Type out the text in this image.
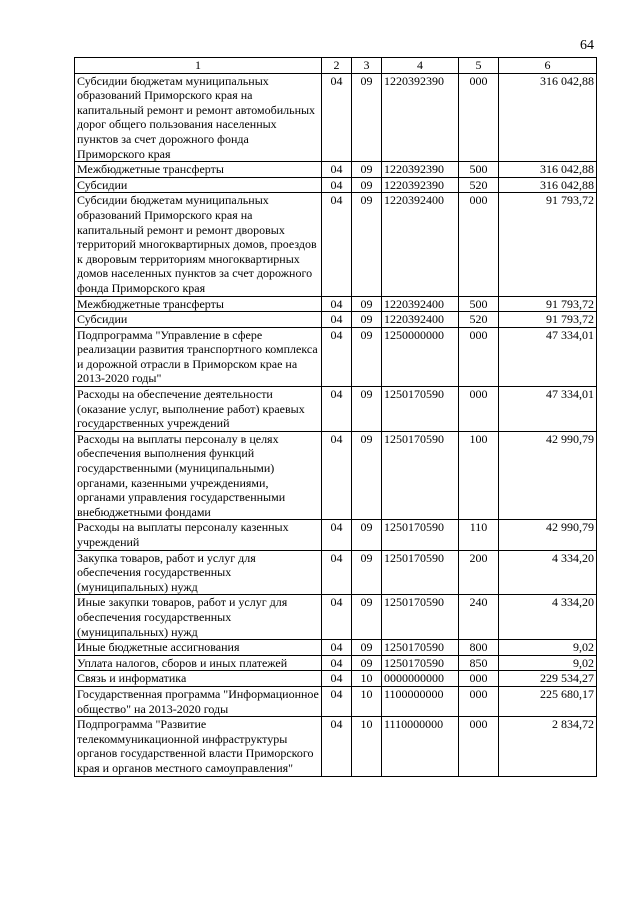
64
1	2	3	4	5	6
Субсидии бюджетам муниципальных образований Приморского края на капитальный ремонт и ремонт автомобильных дорог общего пользования населенных пунктов за счет дорожного фонда Приморского края	04	09	1220392390	000	316 042,88
Межбюджетные трансферты	04	09	1220392390	500	316 042,88
Субсидии	04	09	1220392390	520	316 042,88
Субсидии бюджетам муниципальных образований Приморского края на капитальный ремонт и ремонт дворовых территорий многоквартирных домов, проездов к дворовым территориям многоквартирных домов населенных пунктов за счет дорожного фонда Приморского края	04	09	1220392400	000	91 793,72
Межбюджетные трансферты	04	09	1220392400	500	91 793,72
Субсидии	04	09	1220392400	520	91 793,72
Подпрограмма "Управление в сфере реализации развития транспортного комплекса и дорожной отрасли в Приморском крае на 2013-2020 годы"	04	09	1250000000	000	47 334,01
Расходы на обеспечение деятельности (оказание услуг, выполнение работ) краевых государственных учреждений	04	09	1250170590	000	47 334,01
Расходы на выплаты персоналу в целях обеспечения выполнения функций государственными (муниципальными) органами, казенными учреждениями, органами управления государственными внебюджетными фондами	04	09	1250170590	100	42 990,79
Расходы на выплаты персоналу казенных учреждений	04	09	1250170590	110	42 990,79
Закупка товаров, работ и услуг для обеспечения государственных (муниципальных) нужд	04	09	1250170590	200	4 334,20
Иные закупки товаров, работ и услуг для обеспечения государственных (муниципальных) нужд	04	09	1250170590	240	4 334,20
Иные бюджетные ассигнования	04	09	1250170590	800	9,02
Уплата налогов, сборов и иных платежей	04	09	1250170590	850	9,02
Связь и информатика	04	10	0000000000	000	229 534,27
Государственная программа "Информационное общество" на 2013-2020 годы	04	10	1100000000	000	225 680,17
Подпрограмма "Развитие телекоммуникационной инфраструктуры органов государственной власти Приморского края и органов местного самоуправления"	04	10	1110000000	000	2 834,72
